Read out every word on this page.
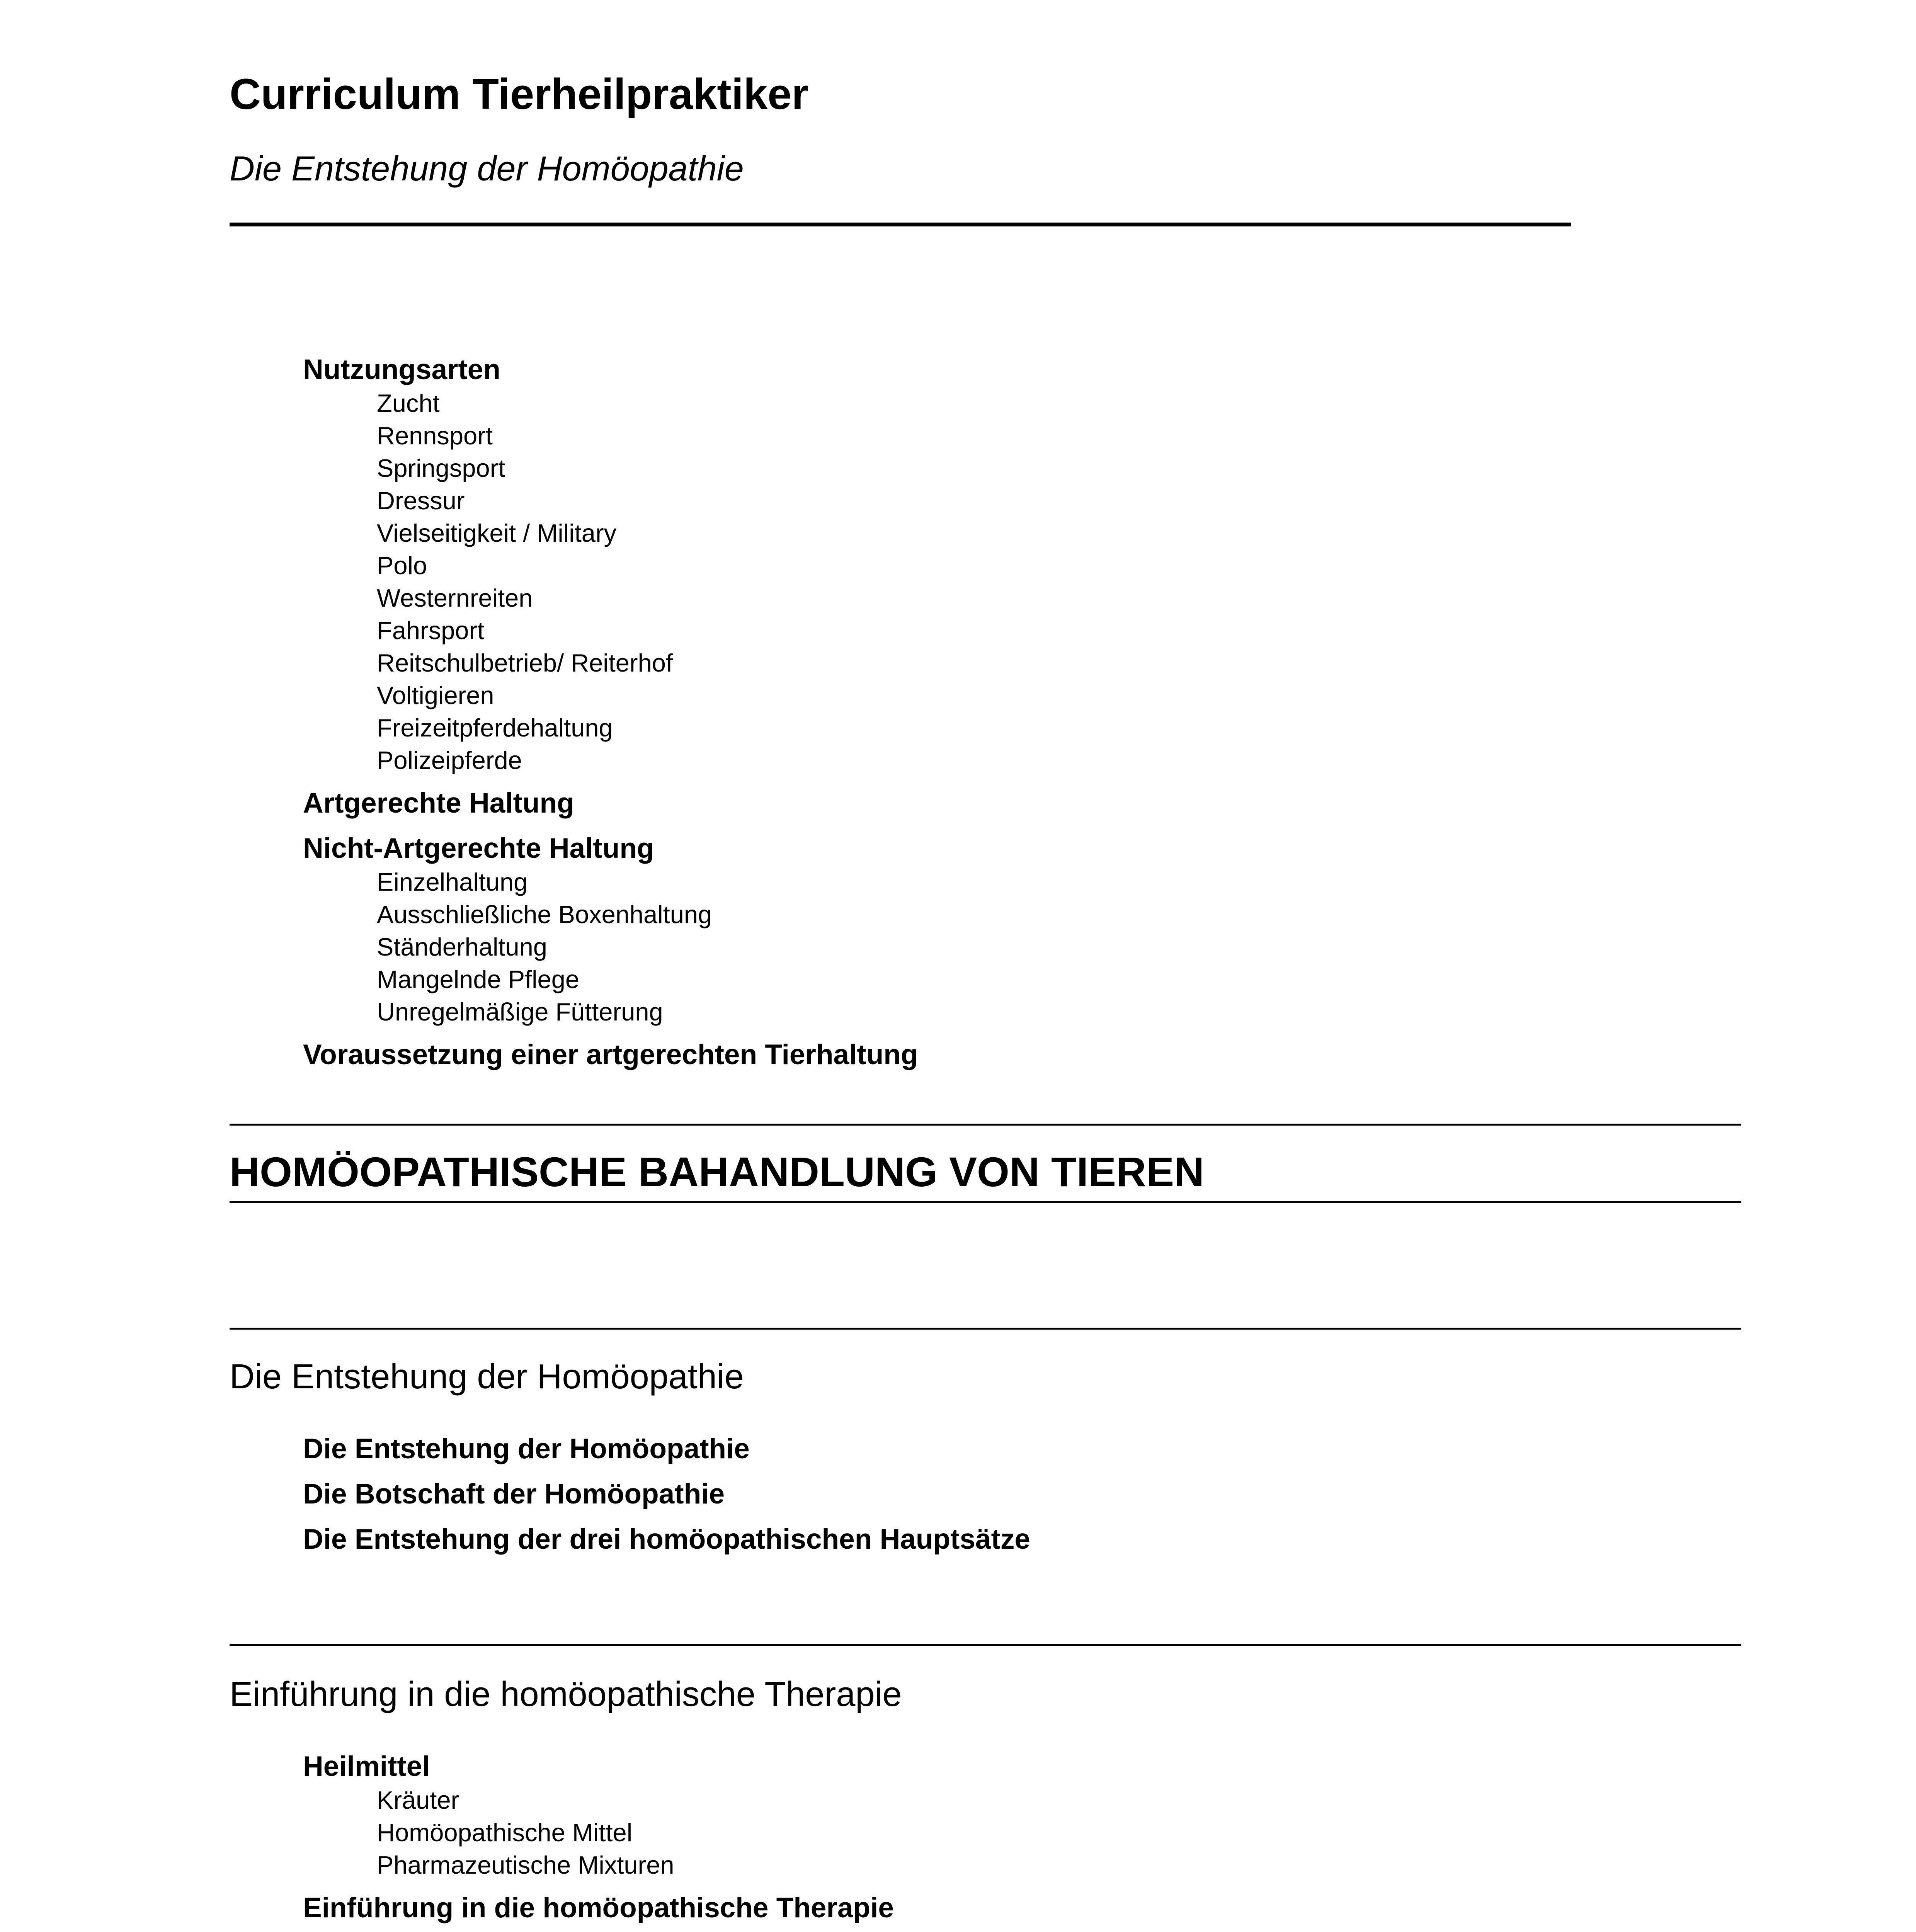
Curriculum Tierheilpraktiker
Die Entstehung der Homöopathie
Nutzungsarten
Zucht
Rennsport
Springsport
Dressur
Vielseitigkeit / Military
Polo
Westernreiten
Fahrsport
Reitschulbetrieb/ Reiterhof
Voltigieren
Freizeitpferdehaltung
Polizeipferde
Artgerechte Haltung
Nicht-Artgerechte Haltung
Einzelhaltung
Ausschließliche Boxenhaltung
Ständerhaltung
Mangelnde Pflege
Unregelmäßige Fütterung
Voraussetzung einer artgerechten Tierhaltung
HOMÖOPATHISCHE BAHANDLUNG VON TIEREN
Die Entstehung der Homöopathie
Die Entstehung der Homöopathie
Die Botschaft der Homöopathie
Die Entstehung der drei homöopathischen Hauptsätze
Einführung in die homöopathische Therapie
Heilmittel
Kräuter
Homöopathische Mittel
Pharmazeutische Mixturen
Einführung in die homöopathische Therapie
